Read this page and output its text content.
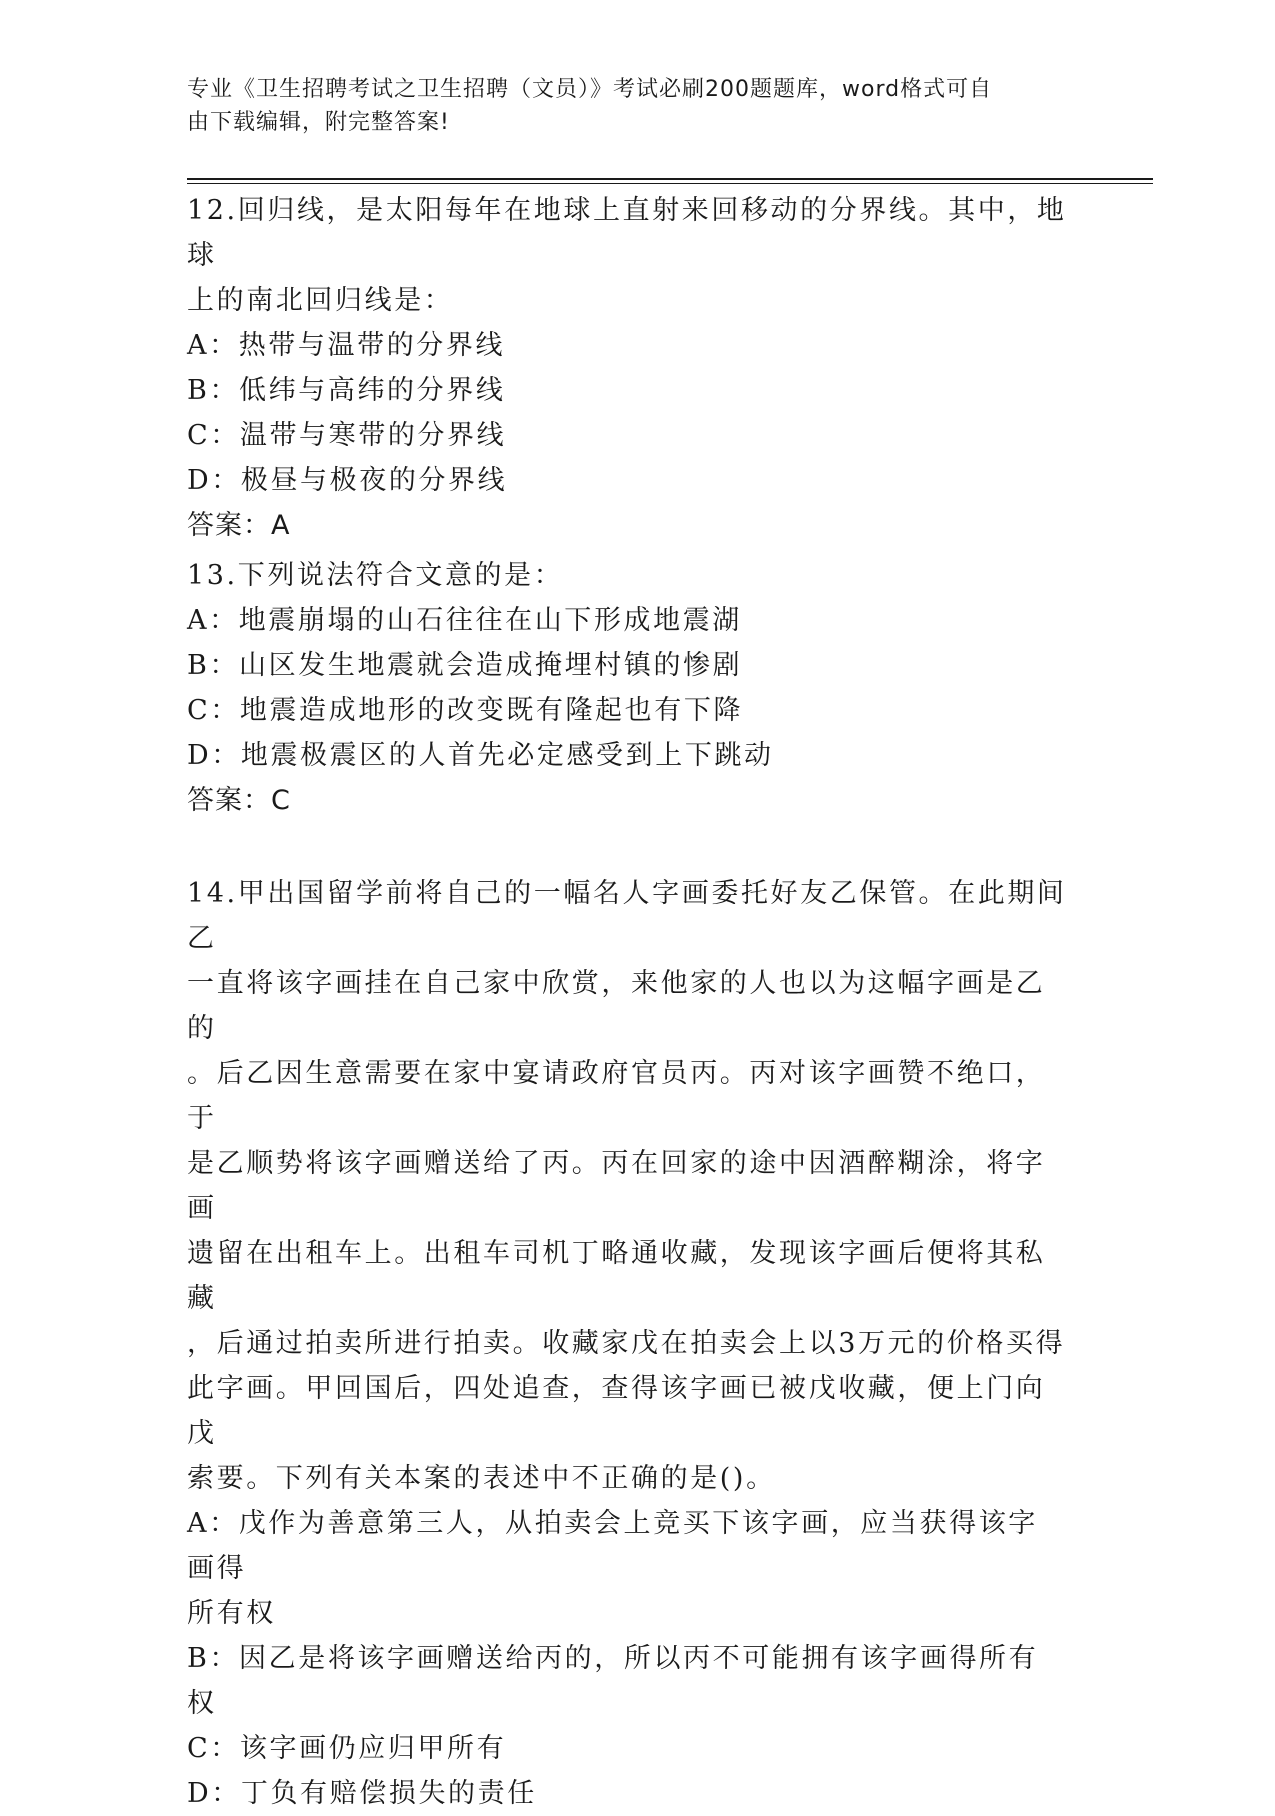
专业《卫生招聘考试之卫生招聘（文员）》考试必刷200题题库，word格式可自
由下载编辑，附完整答案!

12.回归线，是太阳每年在地球上直射来回移动的分界线。其中，地球

上的南北回归线是：

A：热带与温带的分界线

B：低纬与高纬的分界线

C：温带与寒带的分界线

D：极昼与极夜的分界线

答案：A

13.下列说法符合文意的是：

A：地震崩塌的山石往往在山下形成地震湖

B：山区发生地震就会造成掩埋村镇的惨剧

C：地震造成地形的改变既有隆起也有下降

D：地震极震区的人首先必定感受到上下跳动

答案：C

14.甲出国留学前将自己的一幅名人字画委托好友乙保管。在此期间乙

一直将该字画挂在自己家中欣赏，来他家的人也以为这幅字画是乙的

。后乙因生意需要在家中宴请政府官员丙。丙对该字画赞不绝口，于

是乙顺势将该字画赠送给了丙。丙在回家的途中因酒醉糊涂，将字画

遗留在出租车上。出租车司机丁略通收藏，发现该字画后便将其私藏

，后通过拍卖所进行拍卖。收藏家戊在拍卖会上以3万元的价格买得

此字画。甲回国后，四处追查，查得该字画已被戊收藏，便上门向戊

索要。下列有关本案的表述中不正确的是()。

A：戊作为善意第三人，从拍卖会上竞买下该字画，应当获得该字画得

所有权

B：因乙是将该字画赠送给丙的，所以丙不可能拥有该字画得所有权

C：该字画仍应归甲所有

D：丁负有赔偿损失的责任
